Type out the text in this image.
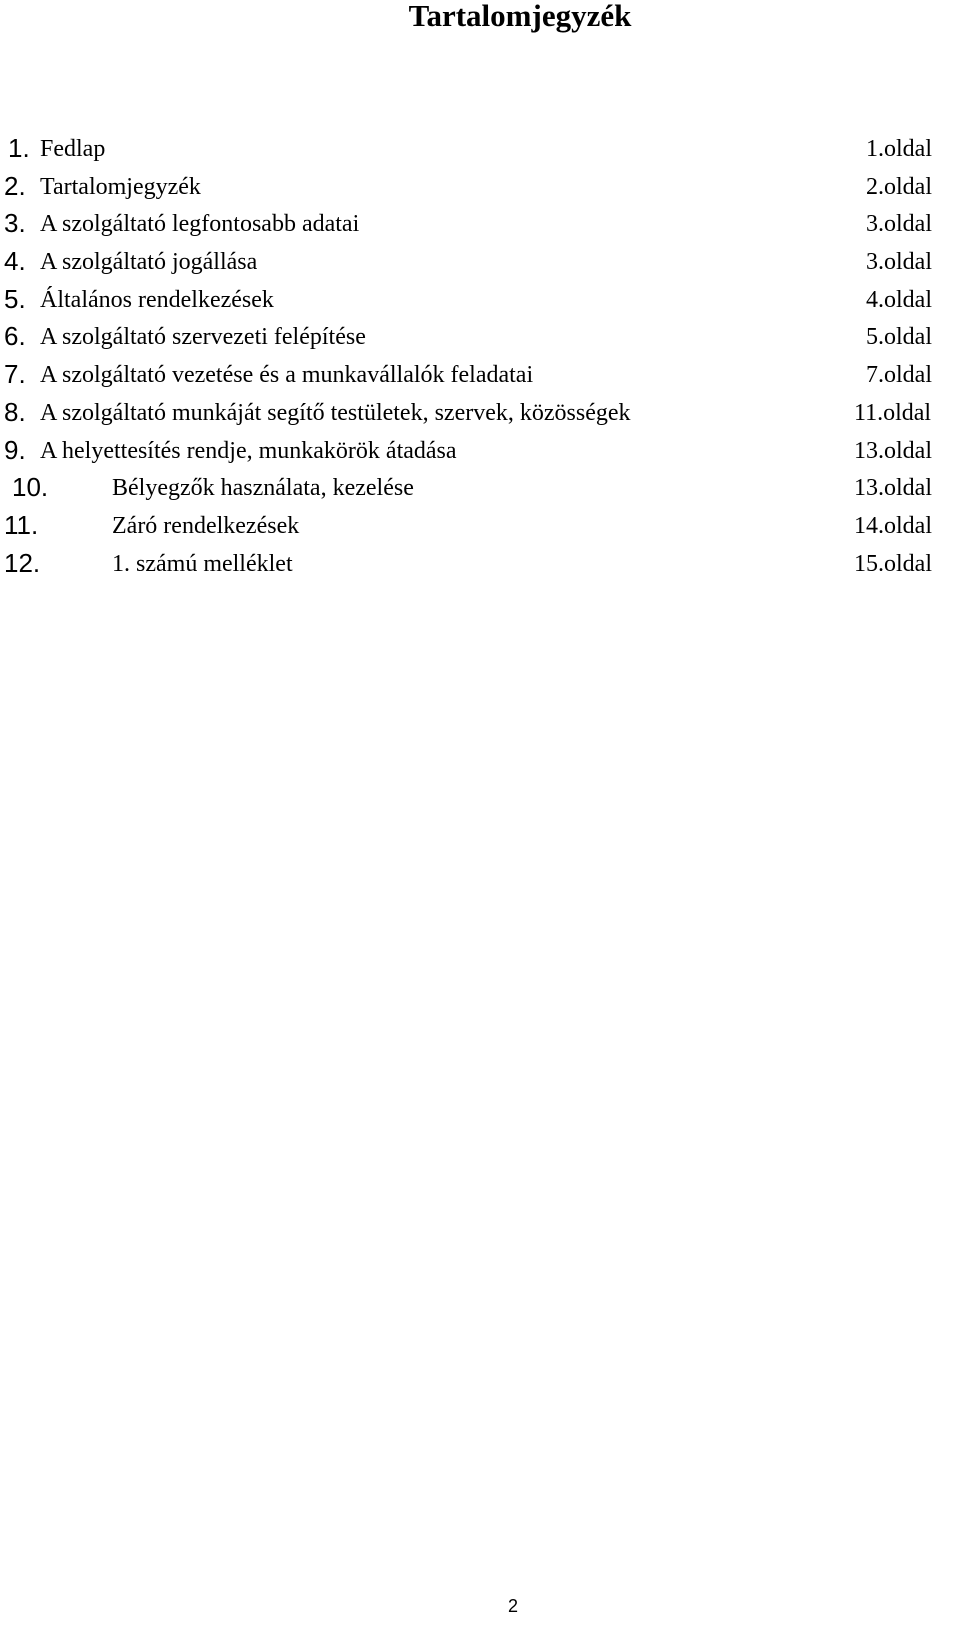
Tartalomjegyzék
1. Fedlap	1.oldal
2. Tartalomjegyzék	2.oldal
3. A szolgáltató legfontosabb adatai	3.oldal
4. A szolgáltató jogállása	3.oldal
5. Általános rendelkezések	4.oldal
6. A szolgáltató szervezeti felépítése	5.oldal
7. A szolgáltató vezetése és a munkavállalók feladatai	7.oldal
8. A szolgáltató munkáját segítő testületek, szervek, közösségek	11.oldal
9. A helyettesítés rendje, munkakörök átadása	13.oldal
10.	Bélyegzők használata, kezelése	13.oldal
11.	Záró rendelkezések	14.oldal
12.	1. számú melléklet	15.oldal
2
